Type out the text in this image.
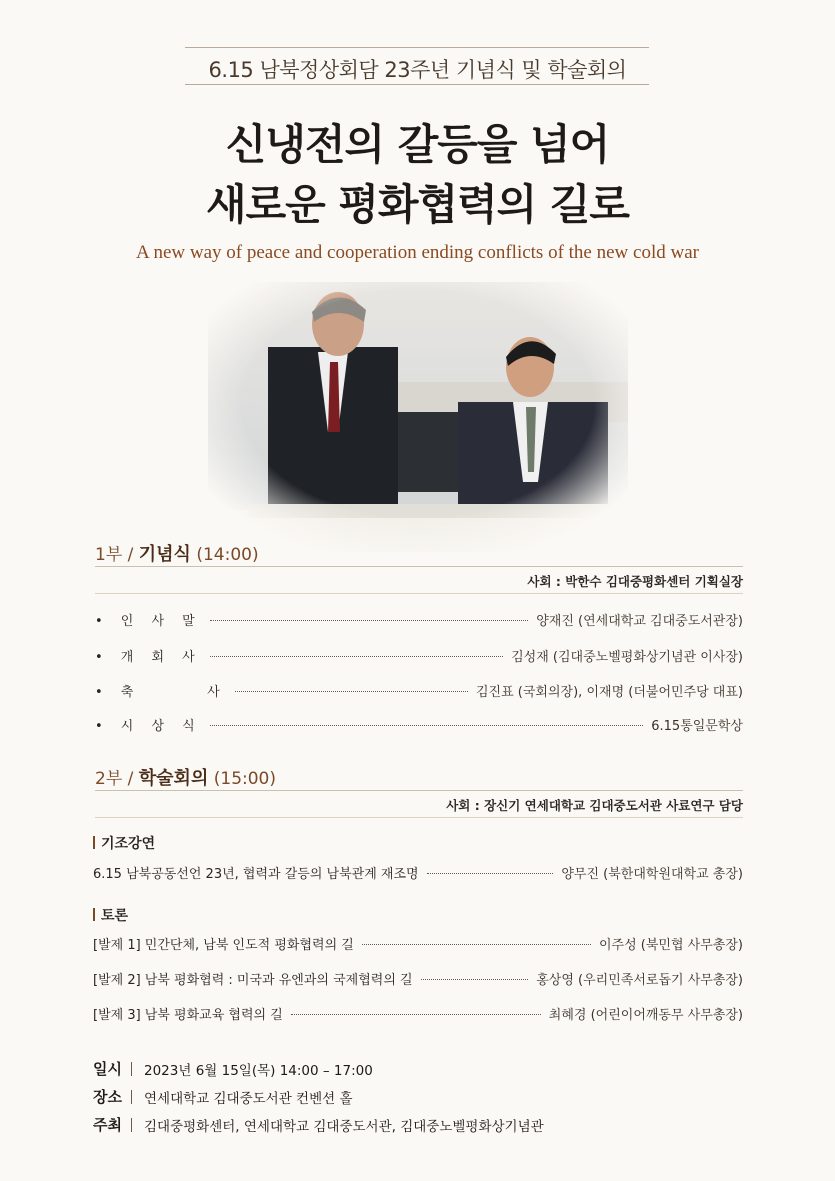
6.15 남북정상회담 23주년 기념식 및 학술회의
신냉전의 갈등을 넘어
새로운 평화협력의 길로
A new way of peace and cooperation ending conflicts of the new cold war
1부 / 기념식 (14:00)
사회 : 박한수 김대중평화센터 기획실장
• 인 사 말	양재진 (연세대학교 김대중도서관장)
• 개 회 사	김성재 (김대중노벨평화상기념관 이사장)
• 축      사	김진표 (국회의장), 이재명 (더불어민주당 대표)
• 시 상 식	6.15통일문학상
2부 / 학술회의 (15:00)
사회 : 장신기 연세대학교 김대중도서관 사료연구 담당
기조강연
6.15 남북공동선언 23년, 협력과 갈등의 남북관계 재조명	양무진 (북한대학원대학교 총장)
토론
[발제 1] 민간단체, 남북 인도적 평화협력의 길	이주성 (북민협 사무총장)
[발제 2] 남북 평화협력 : 미국과 유엔과의 국제협력의 길	홍상영 (우리민족서로돕기 사무총장)
[발제 3] 남북 평화교육 협력의 길	최혜경 (어린이어깨동무 사무총장)
일시	2023년 6월 15일(목) 14:00 – 17:00
장소	연세대학교 김대중도서관 컨벤션 홀
주최	김대중평화센터, 연세대학교 김대중도서관, 김대중노벨평화상기념관
